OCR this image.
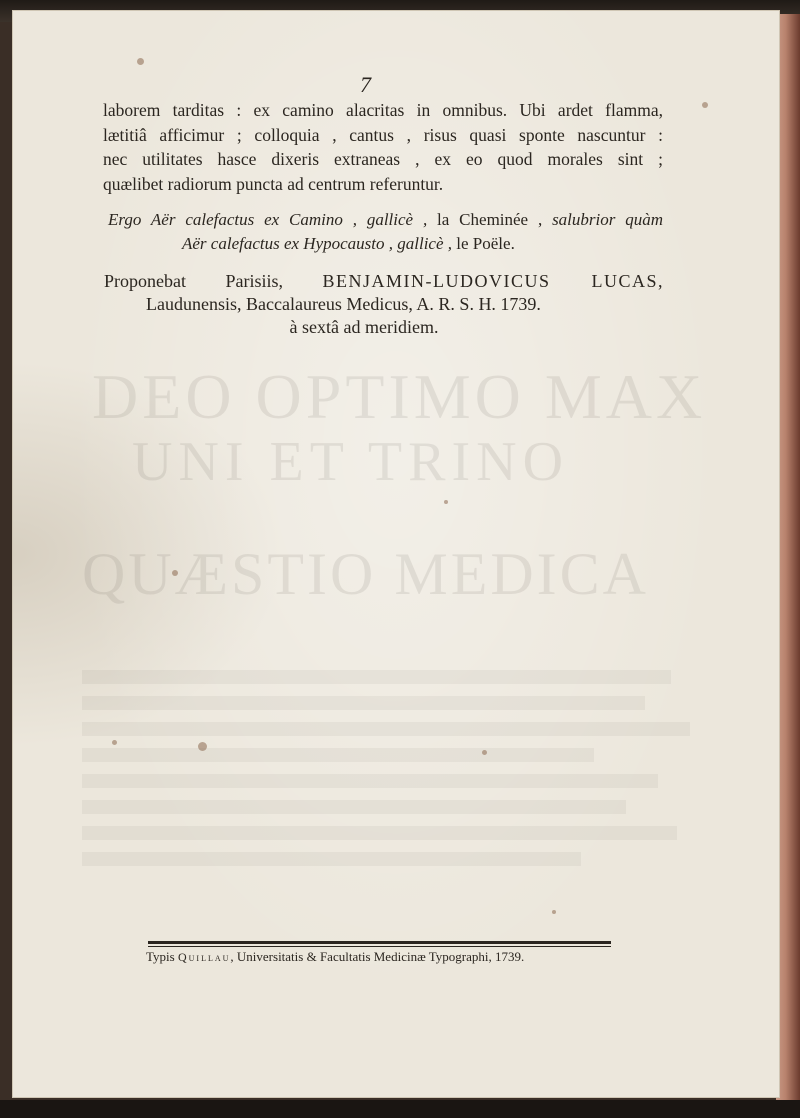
DEO OPTIMO MAX
UNI ET TRINO
QUÆSTIO MEDICA
7
laborem tarditas : ex camino alacritas in omnibus. Ubi ardet flamma,
lætitiâ afficimur ; colloquia , cantus , risus quasi sponte nascuntur :
nec utilitates hasce dixeris extraneas , ex eo quod morales sint ;
quælibet radiorum puncta ad centrum referuntur.
Ergo Aër calefactus ex Camino , gallicè , la Cheminée , salubrior quàm
Aër calefactus ex Hypocausto , gallicè , le Poële.
Proponebat Parisiis, BENJAMIN-LUDOVICUS LUCAS,
Laudunensis, Baccalaureus Medicus, A. R. S. H. 1739.
à sextâ ad meridiem.
Typis Quillau, Universitatis & Facultatis Medicinæ Typographi, 1739.
